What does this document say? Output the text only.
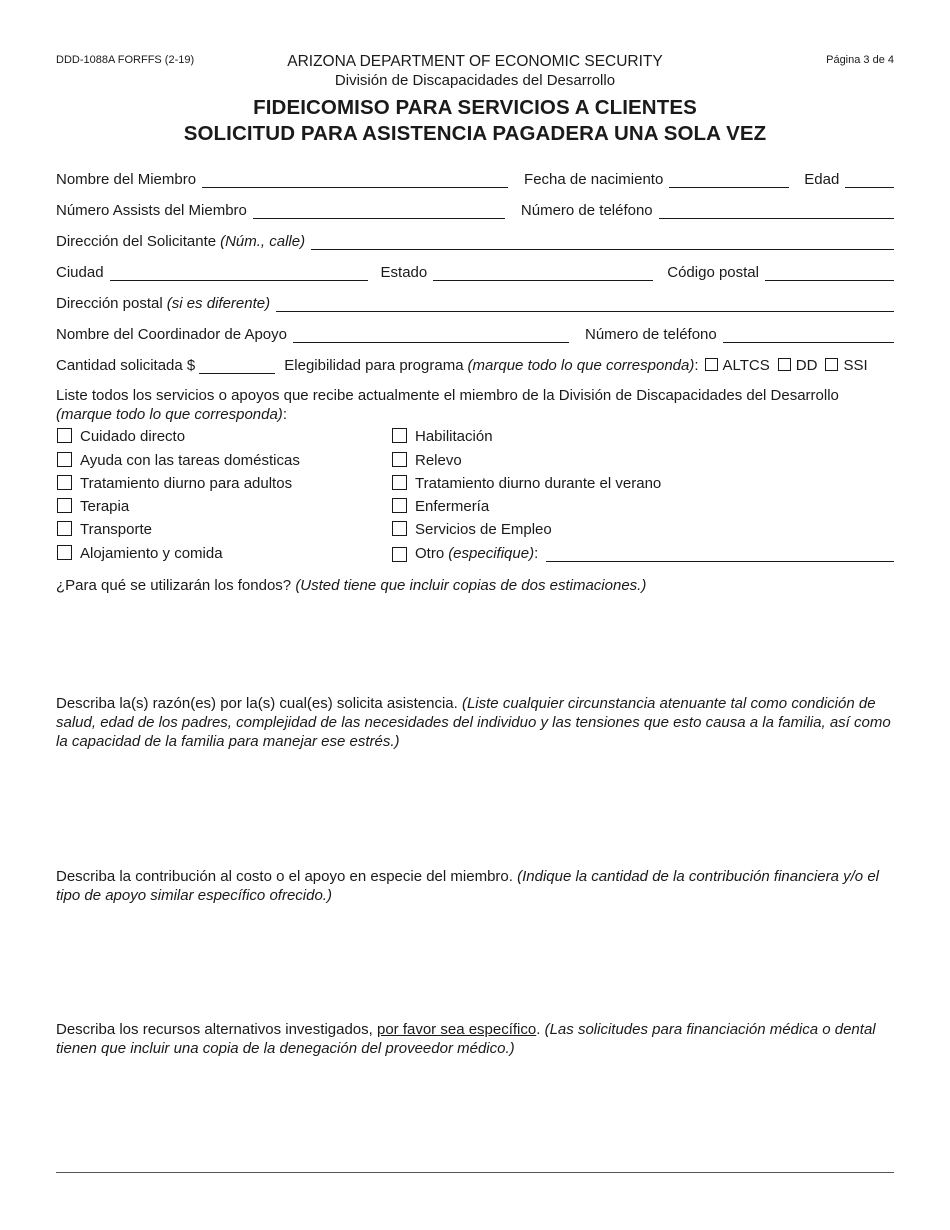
DDD-1088A FORFFS (2-19)	Página 3 de 4
ARIZONA DEPARTMENT OF ECONOMIC SECURITY
División de Discapacidades del Desarrollo
FIDEICOMISO PARA SERVICIOS A CLIENTES
SOLICITUD PARA ASISTENCIA PAGADERA UNA SOLA VEZ
Nombre del Miembro	Fecha de nacimiento	Edad
Número Assists del Miembro	Número de teléfono
Dirección del Solicitante (Núm., calle)
Ciudad	Estado	Código postal
Dirección postal (si es diferente)
Nombre del Coordinador de Apoyo	Número de teléfono
Cantidad solicitada $	Elegibilidad para programa (marque todo lo que corresponda):	ALTCS	DD	SSI
Liste todos los servicios o apoyos que recibe actualmente el miembro de la División de Discapacidades del Desarrollo
(marque todo lo que corresponda):
Cuidado directo
Ayuda con las tareas domésticas
Tratamiento diurno para adultos
Terapia
Transporte
Alojamiento y comida
Habilitación
Relevo
Tratamiento diurno durante el verano
Enfermería
Servicios de Empleo
Otro (especifique):
¿Para qué se utilizarán los fondos? (Usted tiene que incluir copias de dos estimaciones.)
Describa la(s) razón(es) por la(s) cual(es) solicita asistencia. (Liste cualquier circunstancia atenuante tal como condición de salud, edad de los padres, complejidad de las necesidades del individuo y las tensiones que esto causa a la familia, así como la capacidad de la familia para manejar ese estrés.)
Describa la contribución al costo o el apoyo en especie del miembro. (Indique la cantidad de la contribución financiera y/o el tipo de apoyo similar específico ofrecido.)
Describa los recursos alternativos investigados, por favor sea específico. (Las solicitudes para financiación médica o dental tienen que incluir una copia de la denegación del proveedor médico.)
